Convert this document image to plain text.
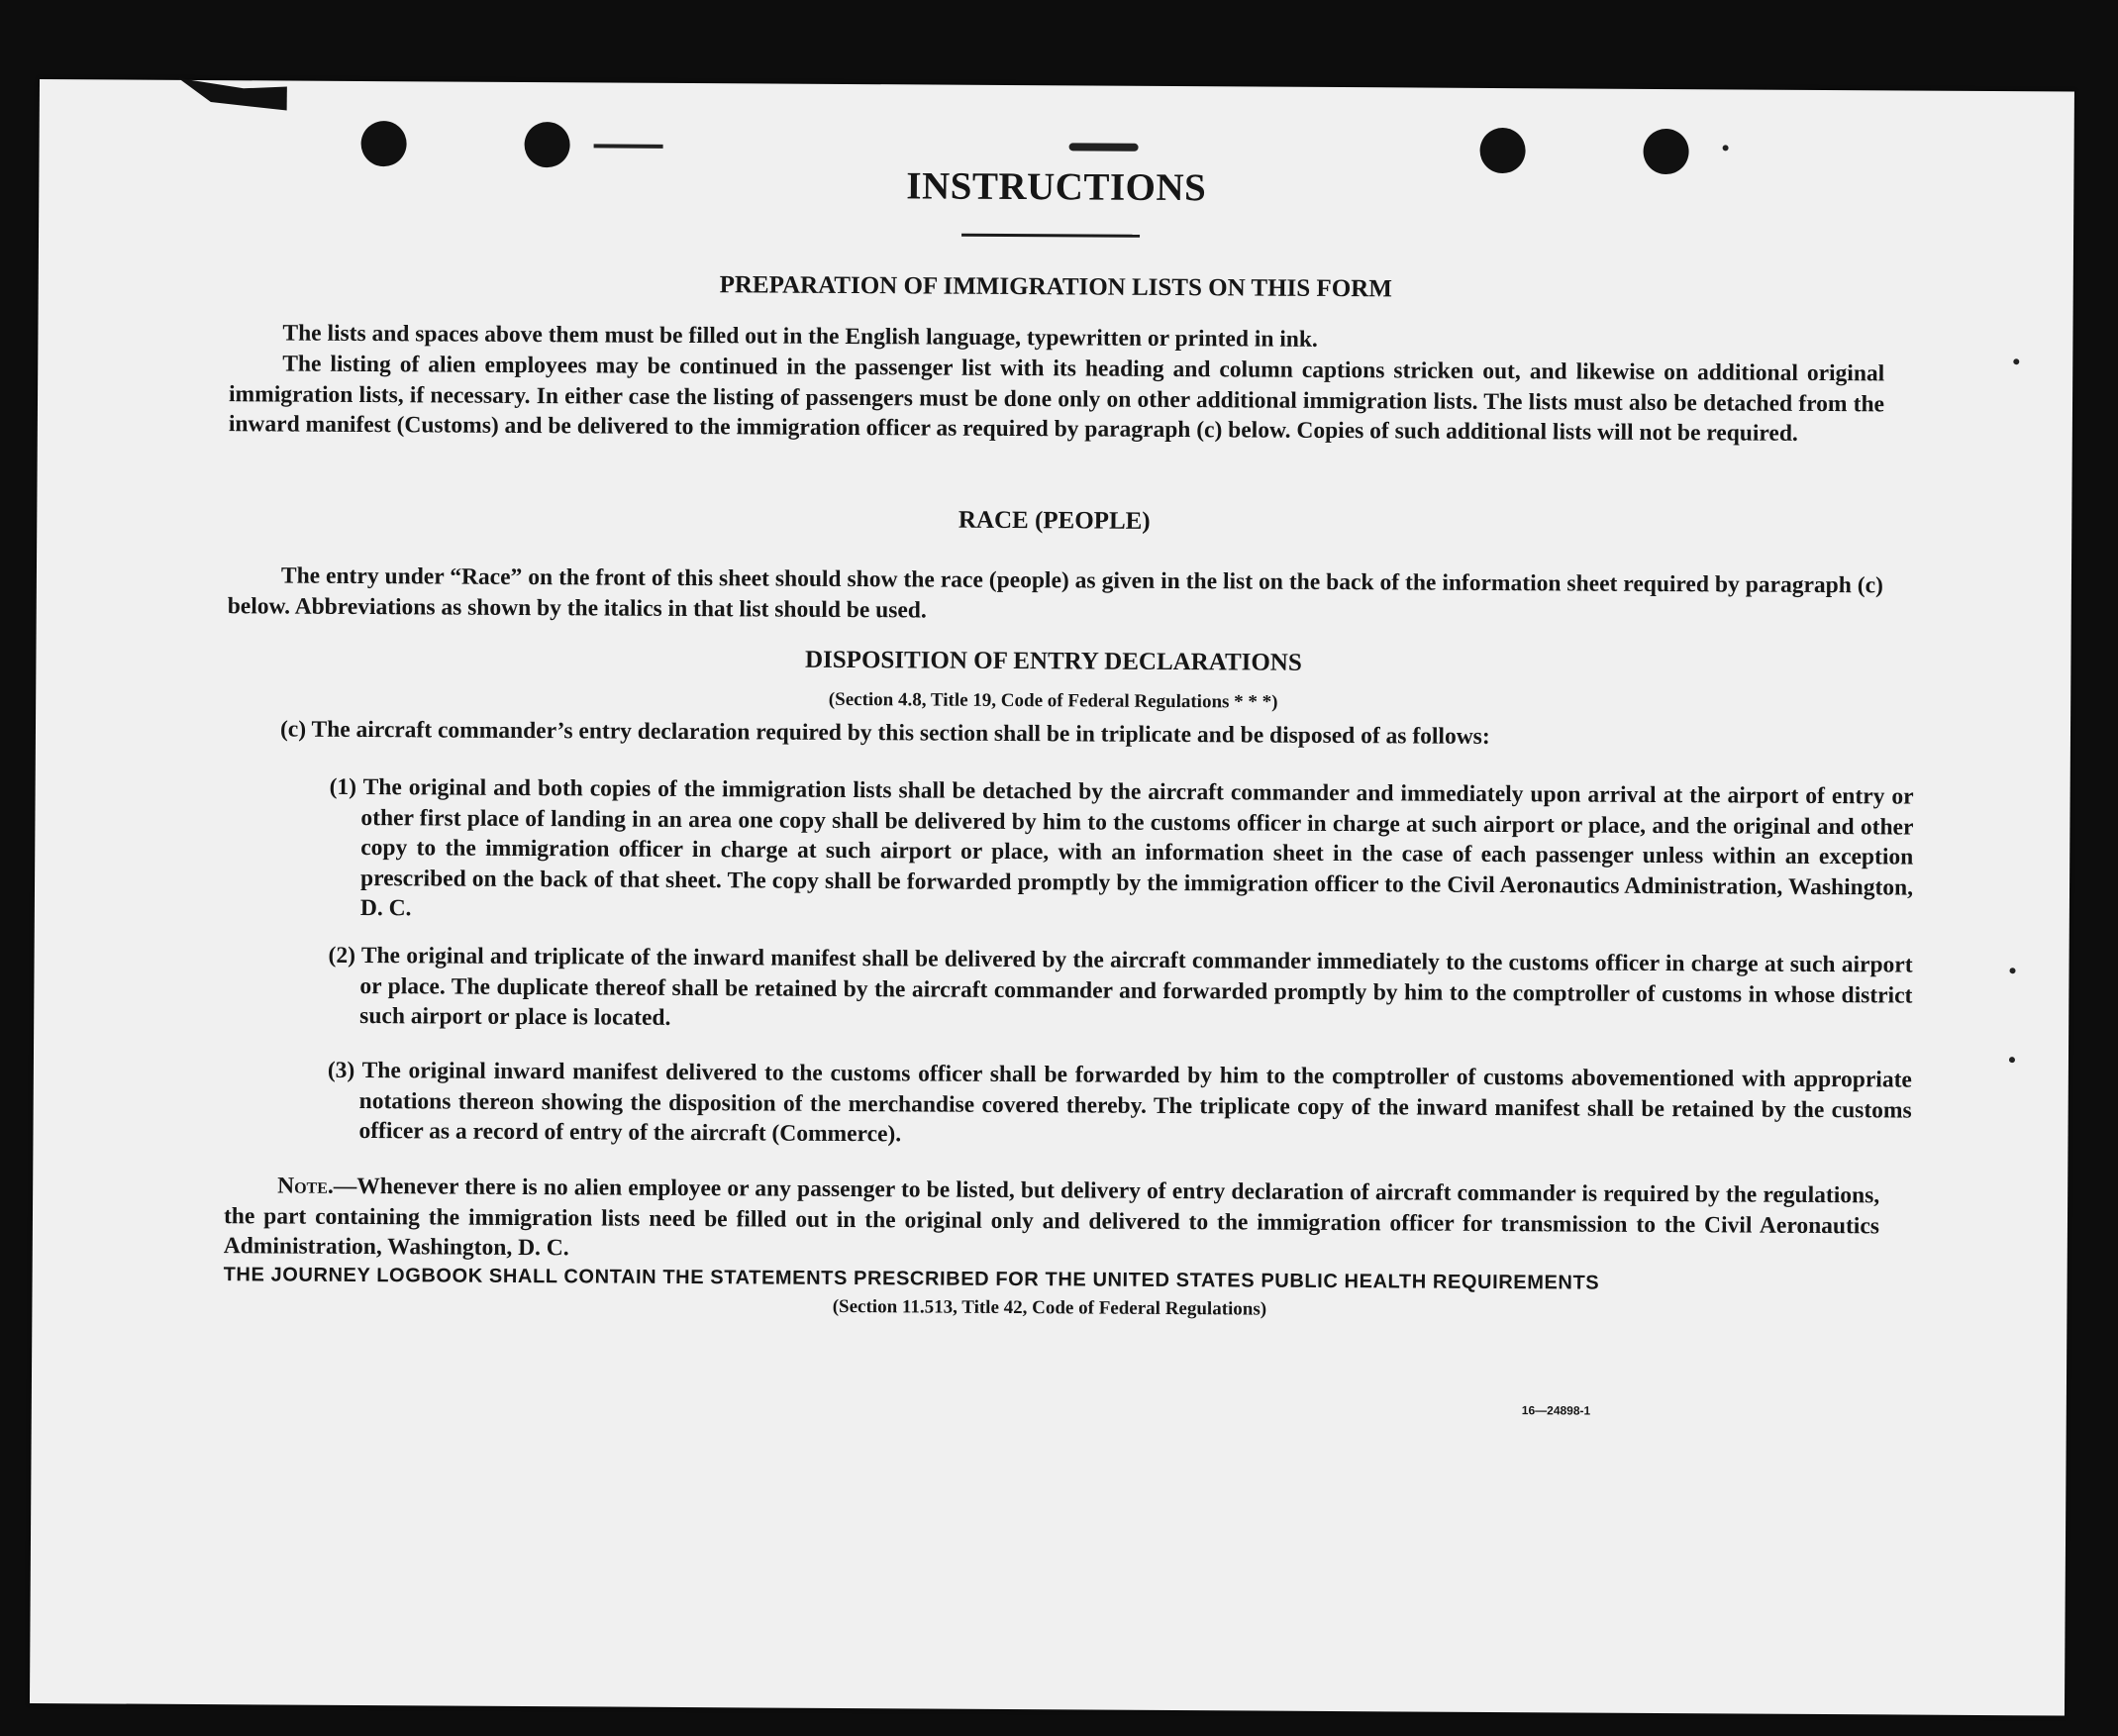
INSTRUCTIONS
PREPARATION OF IMMIGRATION LISTS ON THIS FORM
The lists and spaces above them must be filled out in the English language, typewritten or printed in ink.
The listing of alien employees may be continued in the passenger list with its heading and column captions stricken out, and likewise on additional original immigration lists, if necessary. In either case the listing of passengers must be done only on other additional immigration lists. The lists must also be detached from the inward manifest (Customs) and be delivered to the immigration officer as required by paragraph (c) below. Copies of such additional lists will not be required.
RACE (PEOPLE)
The entry under “Race” on the front of this sheet should show the race (people) as given in the list on the back of the information sheet required by paragraph (c) below. Abbreviations as shown by the italics in that list should be used.
DISPOSITION OF ENTRY DECLARATIONS
(Section 4.8, Title 19, Code of Federal Regulations * * *)
(c) The aircraft commander’s entry declaration required by this section shall be in triplicate and be disposed of as follows:
(1) The original and both copies of the immigration lists shall be detached by the aircraft commander and immediately upon arrival at the airport of entry or other first place of landing in an area one copy shall be delivered by him to the customs officer in charge at such airport or place, and the original and other copy to the immigration officer in charge at such airport or place, with an information sheet in the case of each passenger unless within an exception prescribed on the back of that sheet. The copy shall be forwarded promptly by the immigration officer to the Civil Aeronautics Administration, Washington, D. C.
(2) The original and triplicate of the inward manifest shall be delivered by the aircraft commander immediately to the customs officer in charge at such airport or place. The duplicate thereof shall be retained by the aircraft commander and forwarded promptly by him to the comptroller of customs in whose district such airport or place is located.
(3) The original inward manifest delivered to the customs officer shall be forwarded by him to the comptroller of customs abovementioned with appropriate notations thereon showing the disposition of the merchandise covered thereby. The triplicate copy of the inward manifest shall be retained by the customs officer as a record of entry of the aircraft (Commerce).
Note.—Whenever there is no alien employee or any passenger to be listed, but delivery of entry declaration of aircraft commander is required by the regulations, the part containing the immigration lists need be filled out in the original only and delivered to the immigration officer for transmission to the Civil Aeronautics Administration, Washington, D. C.
THE JOURNEY LOGBOOK SHALL CONTAIN THE STATEMENTS PRESCRIBED FOR THE UNITED STATES PUBLIC HEALTH REQUIREMENTS
(Section 11.513, Title 42, Code of Federal Regulations)
16—24898-1
